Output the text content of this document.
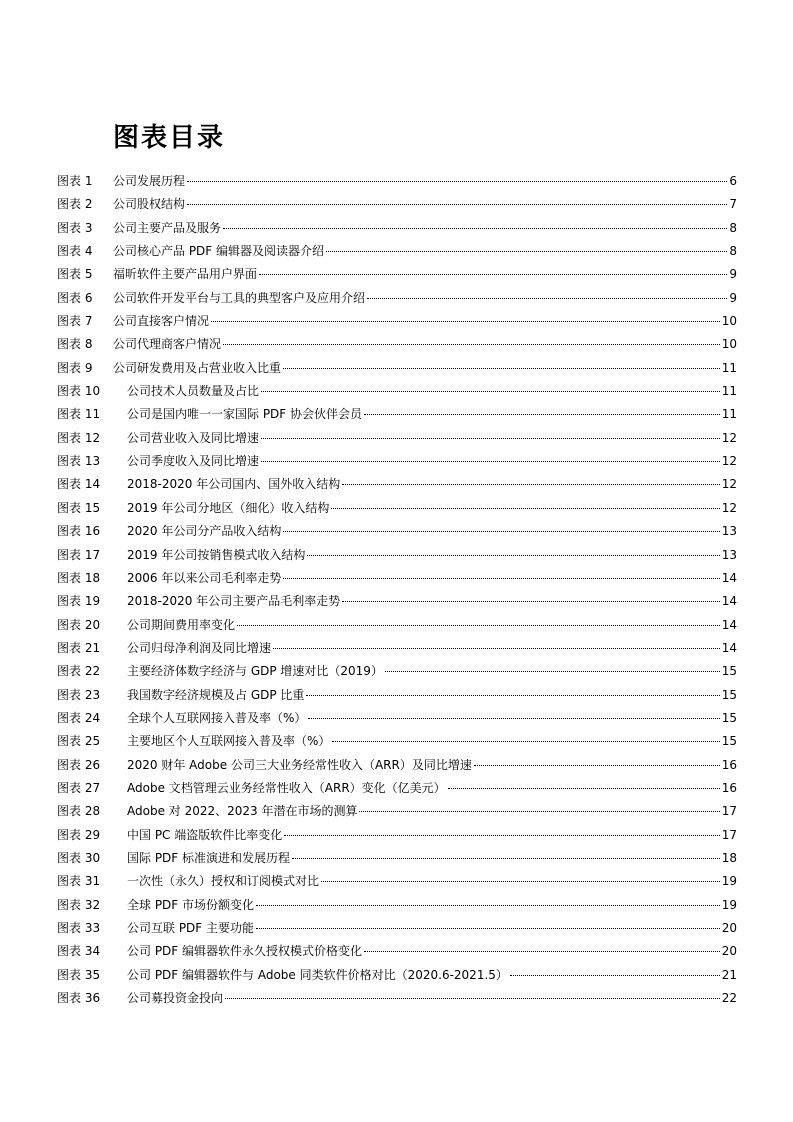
图表目录
图表 1	公司发展历程	6
图表 2	公司股权结构	7
图表 3	公司主要产品及服务	8
图表 4	公司核心产品 PDF 编辑器及阅读器介绍	8
图表 5	福昕软件主要产品用户界面	9
图表 6	公司软件开发平台与工具的典型客户及应用介绍	9
图表 7	公司直接客户情况	10
图表 8	公司代理商客户情况	10
图表 9	公司研发费用及占营业收入比重	11
图表 10	公司技术人员数量及占比	11
图表 11	公司是国内唯一一家国际 PDF 协会伙伴会员	11
图表 12	公司营业收入及同比增速	12
图表 13	公司季度收入及同比增速	12
图表 14	2018-2020 年公司国内、国外收入结构	12
图表 15	2019 年公司分地区（细化）收入结构	12
图表 16	2020 年公司分产品收入结构	13
图表 17	2019 年公司按销售模式收入结构	13
图表 18	2006 年以来公司毛利率走势	14
图表 19	2018-2020 年公司主要产品毛利率走势	14
图表 20	公司期间费用率变化	14
图表 21	公司归母净利润及同比增速	14
图表 22	主要经济体数字经济与 GDP 增速对比（2019）	15
图表 23	我国数字经济规模及占 GDP 比重	15
图表 24	全球个人互联网接入普及率（%）	15
图表 25	主要地区个人互联网接入普及率（%）	15
图表 26	2020 财年 Adobe 公司三大业务经常性收入（ARR）及同比增速	16
图表 27	Adobe 文档管理云业务经常性收入（ARR）变化（亿美元）	16
图表 28	Adobe 对 2022、2023 年潜在市场的测算	17
图表 29	中国 PC 端盗版软件比率变化	17
图表 30	国际 PDF 标准演进和发展历程	18
图表 31	一次性（永久）授权和订阅模式对比	19
图表 32	全球 PDF 市场份额变化	19
图表 33	公司互联 PDF 主要功能	20
图表 34	公司 PDF 编辑器软件永久授权模式价格变化	20
图表 35	公司 PDF 编辑器软件与 Adobe 同类软件价格对比（2020.6-2021.5）	21
图表 36	公司募投资金投向	22
